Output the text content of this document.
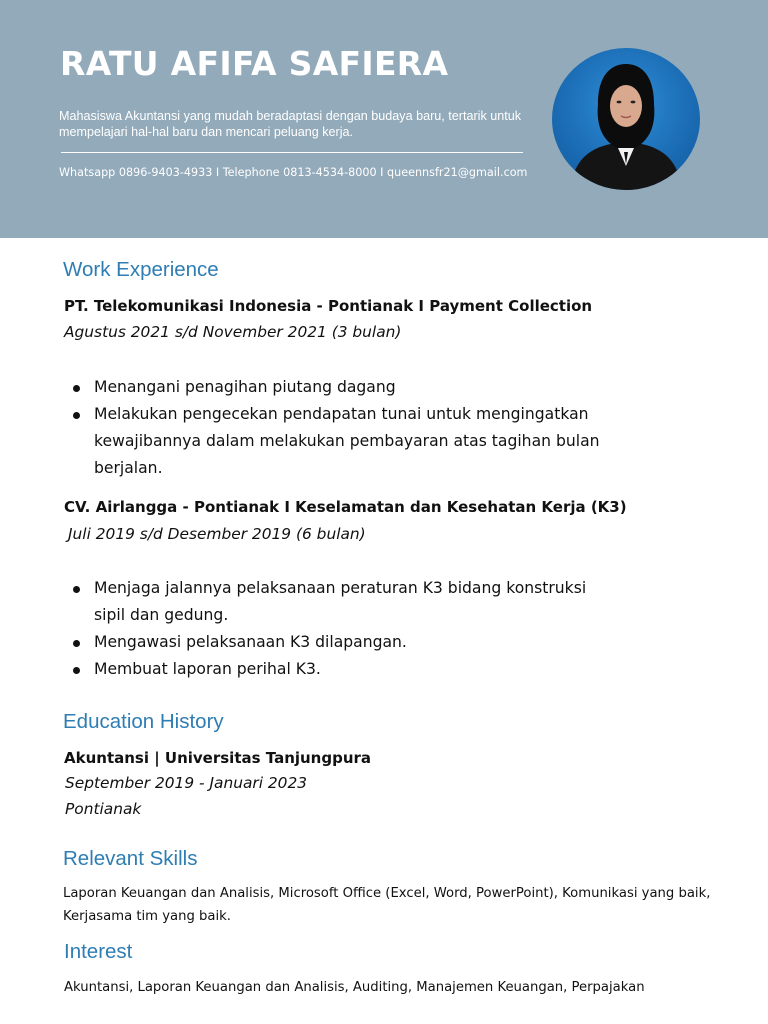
RATU AFIFA SAFIERA
Mahasiswa Akuntansi yang mudah beradaptasi dengan budaya baru, tertarik untuk mempelajari hal-hal baru dan mencari peluang kerja.
Whatsapp 0896-9403-4933 I Telephone 0813-4534-8000 I queennsfr21@gmail.com
Work Experience
PT. Telekomunikasi Indonesia - Pontianak I Payment Collection
Agustus 2021 s/d November 2021 (3 bulan)
Menangani penagihan piutang dagang
Melakukan pengecekan pendapatan tunai untuk mengingatkan kewajibannya dalam melakukan pembayaran atas tagihan bulan berjalan.
CV. Airlangga - Pontianak I Keselamatan dan Kesehatan Kerja (K3)
Juli 2019 s/d Desember 2019 (6 bulan)
Menjaga jalannya pelaksanaan peraturan K3 bidang konstruksi sipil dan gedung.
Mengawasi pelaksanaan K3 dilapangan.
Membuat laporan perihal K3.
Education History
Akuntansi | Universitas Tanjungpura
September 2019 - Januari 2023
Pontianak
Relevant Skills
Laporan Keuangan dan Analisis, Microsoft Office (Excel, Word, PowerPoint), Komunikasi yang baik, Kerjasama tim yang baik.
Interest
Akuntansi, Laporan Keuangan dan Analisis, Auditing, Manajemen Keuangan, Perpajakan
